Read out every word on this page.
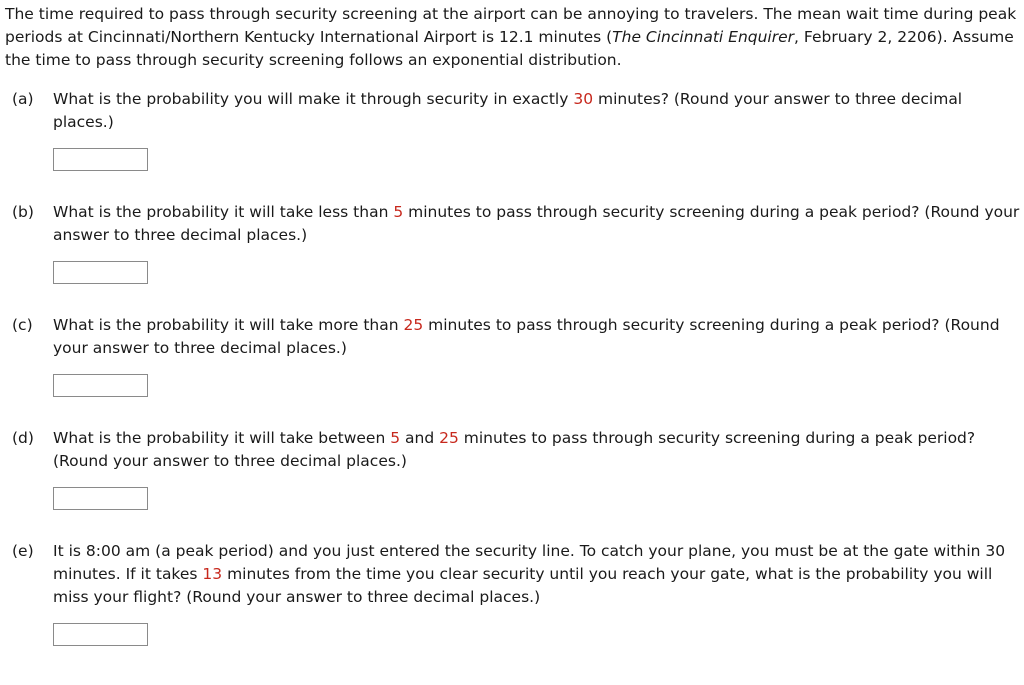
The time required to pass through security screening at the airport can be annoying to travelers. The mean wait time during peak periods at Cincinnati/Northern Kentucky International Airport is 12.1 minutes (The Cincinnati Enquirer, February 2, 2206). Assume the time to pass through security screening follows an exponential distribution.
(a)	What is the probability you will make it through security in exactly 30 minutes? (Round your answer to three decimal places.)
(b)	What is the probability it will take less than 5 minutes to pass through security screening during a peak period? (Round your answer to three decimal places.)
(c)	What is the probability it will take more than 25 minutes to pass through security screening during a peak period? (Round your answer to three decimal places.)
(d)	What is the probability it will take between 5 and 25 minutes to pass through security screening during a peak period? (Round your answer to three decimal places.)
(e)	It is 8:00 am (a peak period) and you just entered the security line. To catch your plane, you must be at the gate within 30 minutes. If it takes 13 minutes from the time you clear security until you reach your gate, what is the probability you will miss your flight? (Round your answer to three decimal places.)
